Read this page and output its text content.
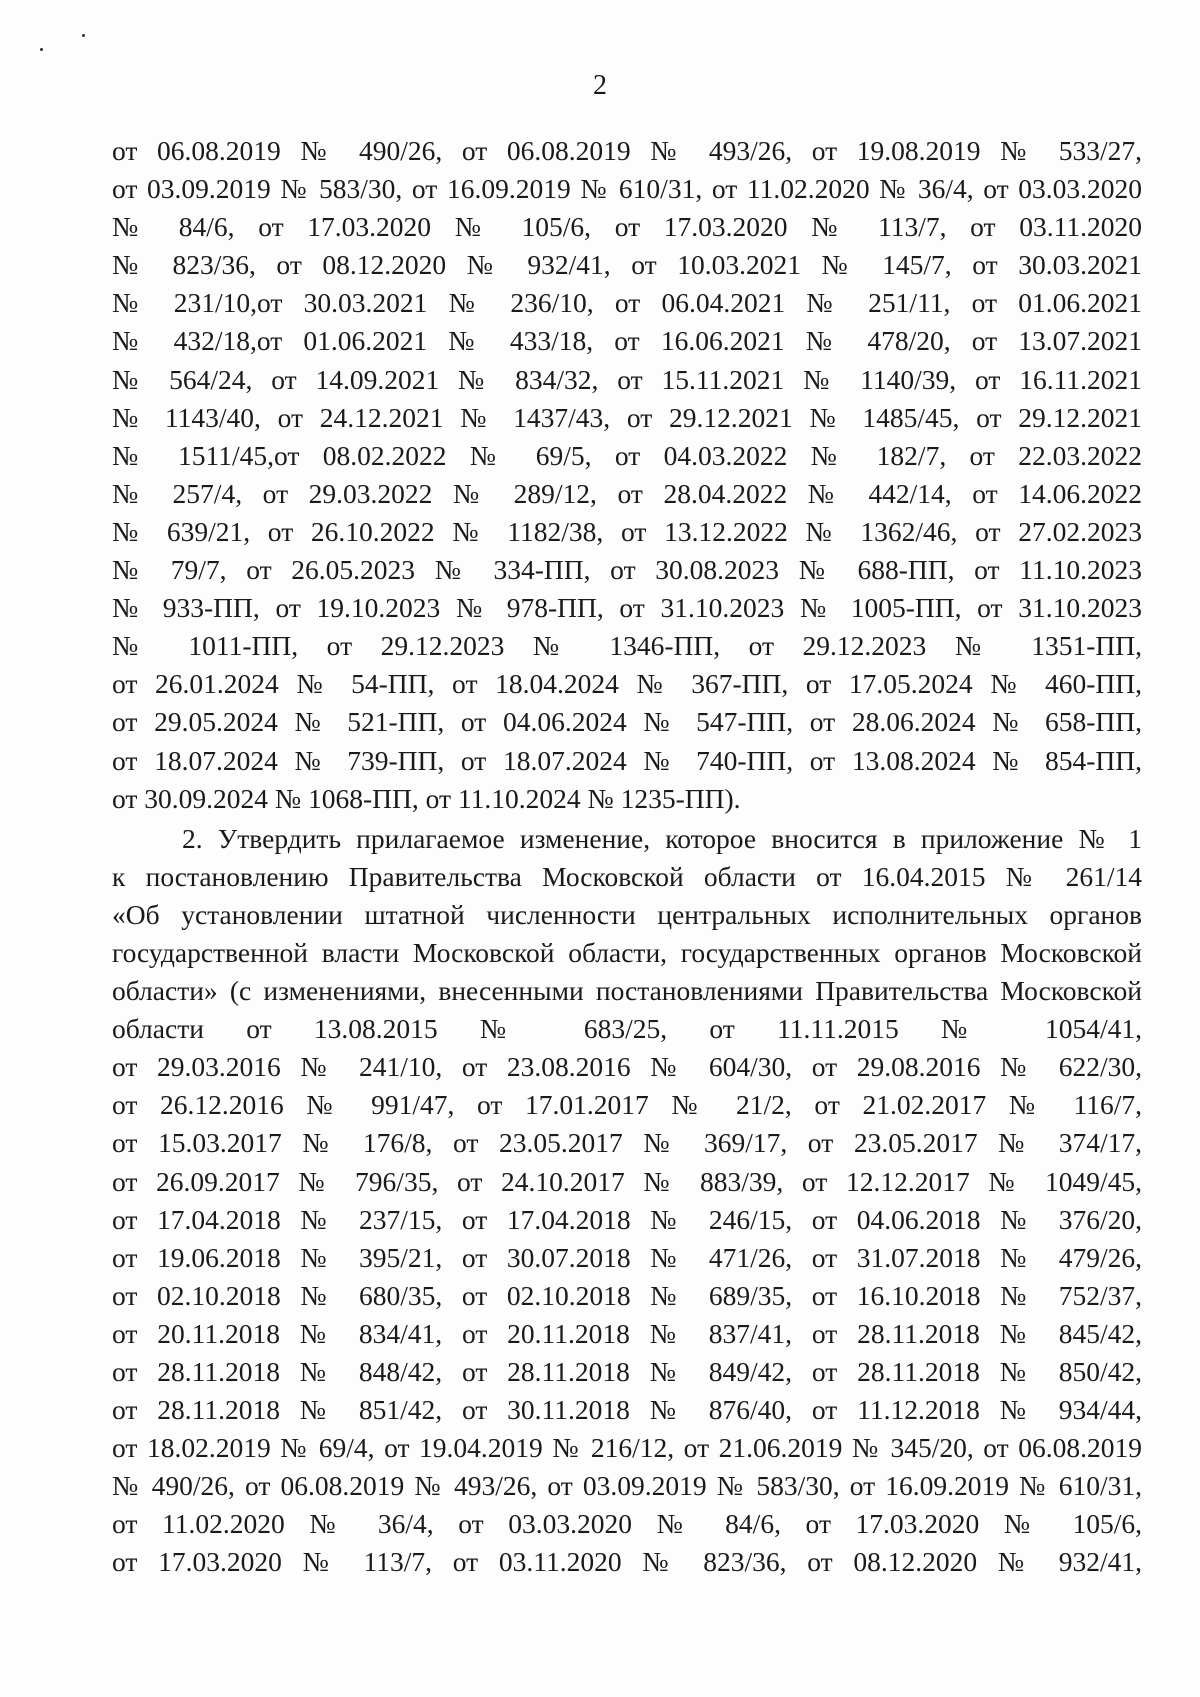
2
от 06.08.2019 № 490/26, от 06.08.2019 № 493/26, от 19.08.2019 № 533/27,
от 03.09.2019 № 583/30, от 16.09.2019 № 610/31, от 11.02.2020 № 36/4, от 03.03.2020
№ 84/6, от 17.03.2020 № 105/6, от 17.03.2020 № 113/7, от 03.11.2020
№ 823/36, от 08.12.2020 № 932/41, от 10.03.2021 № 145/7, от 30.03.2021
№ 231/10,от 30.03.2021 № 236/10, от 06.04.2021 № 251/11, от 01.06.2021
№ 432/18,от 01.06.2021 № 433/18, от 16.06.2021 № 478/20, от 13.07.2021
№ 564/24, от 14.09.2021 № 834/32, от 15.11.2021 № 1140/39, от 16.11.2021
№ 1143/40, от 24.12.2021 № 1437/43, от 29.12.2021 № 1485/45, от 29.12.2021
№ 1511/45,от 08.02.2022 № 69/5, от 04.03.2022 № 182/7, от 22.03.2022
№ 257/4, от 29.03.2022 № 289/12, от 28.04.2022 № 442/14, от 14.06.2022
№ 639/21, от 26.10.2022 № 1182/38, от 13.12.2022 № 1362/46, от 27.02.2023
№ 79/7, от 26.05.2023 № 334-ПП, от 30.08.2023 № 688-ПП, от 11.10.2023
№ 933-ПП, от 19.10.2023 № 978-ПП, от 31.10.2023 № 1005-ПП, от 31.10.2023
№ 1011-ПП, от 29.12.2023 № 1346-ПП, от 29.12.2023 № 1351-ПП,
от 26.01.2024 № 54-ПП, от 18.04.2024 № 367-ПП, от 17.05.2024 № 460-ПП,
от 29.05.2024 № 521-ПП, от 04.06.2024 № 547-ПП, от 28.06.2024 № 658-ПП,
от 18.07.2024 № 739-ПП, от 18.07.2024 № 740-ПП, от 13.08.2024 № 854-ПП,
от 30.09.2024 № 1068-ПП, от 11.10.2024 № 1235-ПП).
2. Утвердить прилагаемое изменение, которое вносится в приложение № 1
к постановлению Правительства Московской области от 16.04.2015 № 261/14
«Об установлении штатной численности центральных исполнительных органов
государственной власти Московской области, государственных органов Московской
области» (с изменениями, внесенными постановлениями Правительства Московской
области от 13.08.2015 № 683/25, от 11.11.2015 № 1054/41,
от 29.03.2016 № 241/10, от 23.08.2016 № 604/30, от 29.08.2016 № 622/30,
от 26.12.2016 № 991/47, от 17.01.2017 № 21/2, от 21.02.2017 № 116/7,
от 15.03.2017 № 176/8, от 23.05.2017 № 369/17, от 23.05.2017 № 374/17,
от 26.09.2017 № 796/35, от 24.10.2017 № 883/39, от 12.12.2017 № 1049/45,
от 17.04.2018 № 237/15, от 17.04.2018 № 246/15, от 04.06.2018 № 376/20,
от 19.06.2018 № 395/21, от 30.07.2018 № 471/26, от 31.07.2018 № 479/26,
от 02.10.2018 № 680/35, от 02.10.2018 № 689/35, от 16.10.2018 № 752/37,
от 20.11.2018 № 834/41, от 20.11.2018 № 837/41, от 28.11.2018 № 845/42,
от 28.11.2018 № 848/42, от 28.11.2018 № 849/42, от 28.11.2018 № 850/42,
от 28.11.2018 № 851/42, от 30.11.2018 № 876/40, от 11.12.2018 № 934/44,
от 18.02.2019 № 69/4, от 19.04.2019 № 216/12, от 21.06.2019 № 345/20, от 06.08.2019
№ 490/26, от 06.08.2019 № 493/26, от 03.09.2019 № 583/30, от 16.09.2019 № 610/31,
от 11.02.2020 № 36/4, от 03.03.2020 № 84/6, от 17.03.2020 № 105/6,
от 17.03.2020 № 113/7, от 03.11.2020 № 823/36, от 08.12.2020 № 932/41,
